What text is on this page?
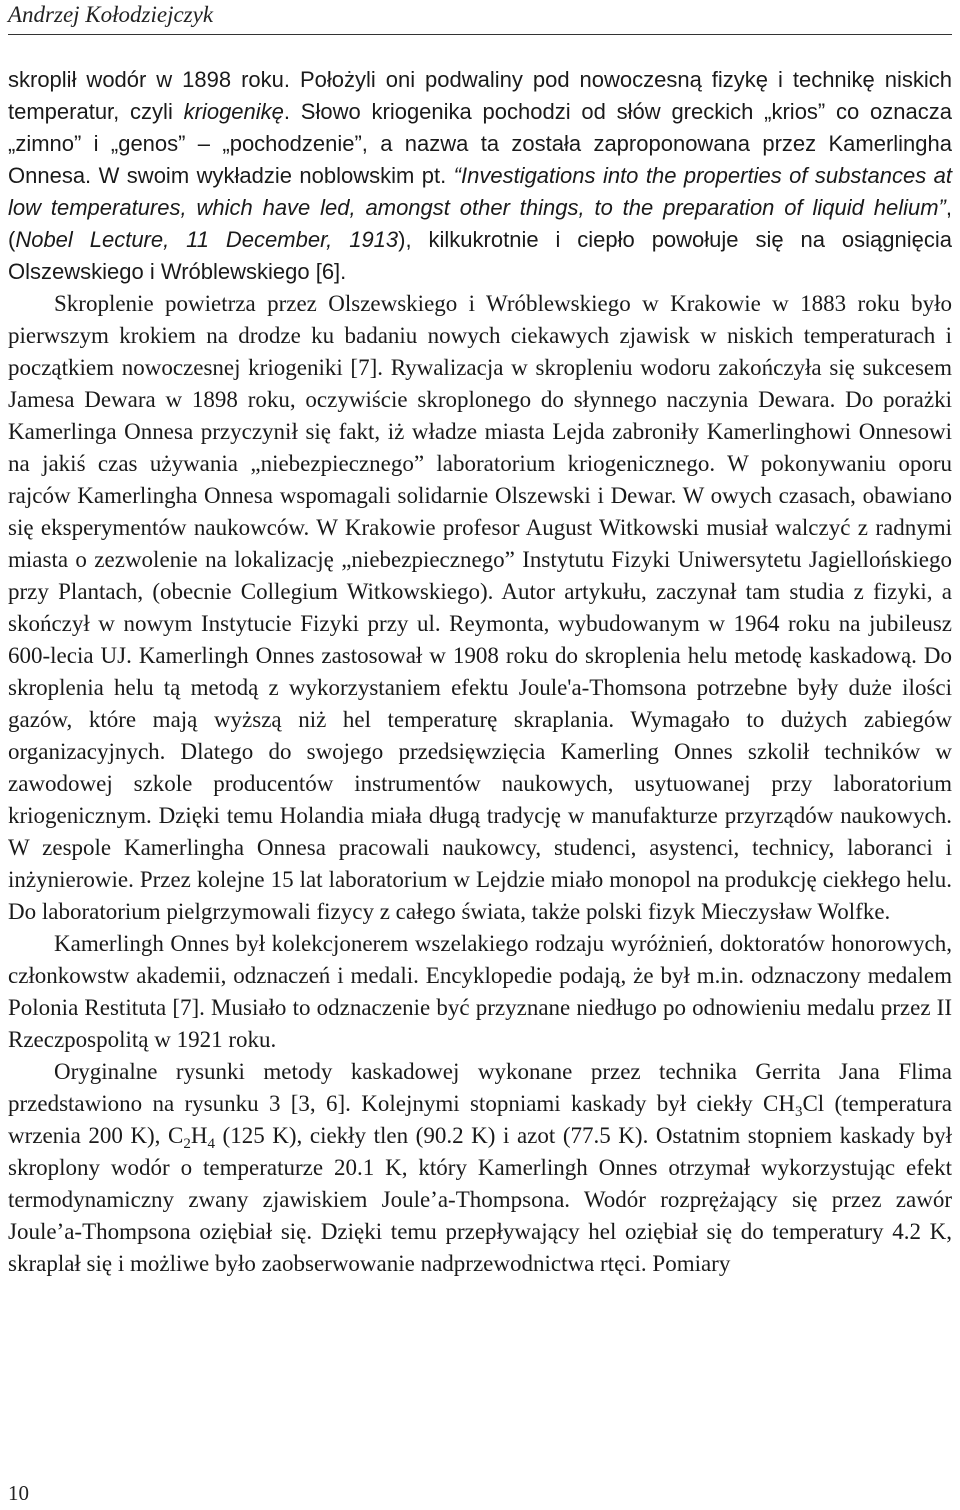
Andrzej Kołodziejczyk

skroplił wodór w 1898 roku. Położyli oni podwaliny pod nowoczesną fizykę i technikę niskich temperatur, czyli kriogenikę. Słowo kriogenika pochodzi od słów greckich „krios” co oznacza „zimno” i „genos” – „pochodzenie”, a nazwa ta została zaproponowana przez Kamerlingha Onnesa. W swoim wykładzie noblowskim pt. “Investigations into the properties of substances at low temperatures, which have led, amongst other things, to the preparation of liquid helium”, (Nobel Lecture, 11 December, 1913), kilkukrotnie i ciepło powołuje się na osiągnięcia Olszewskiego i Wróblewskiego [6].

Skroplenie powietrza przez Olszewskiego i Wróblewskiego w Krakowie w 1883 roku było pierwszym krokiem na drodze ku badaniu nowych ciekawych zjawisk w niskich temperaturach i początkiem nowoczesnej kriogeniki [7]. Rywalizacja w skropleniu wodoru zakończyła się sukcesem Jamesa Dewara w 1898 roku, oczywiście skroplonego do słynnego naczynia Dewara. Do porażki Kamerlinga Onnesa przyczynił się fakt, iż władze miasta Lejda zabroniły Kamerlinghowi Onnesowi na jakiś czas używania „niebezpiecznego” laboratorium kriogenicznego. W pokonywaniu oporu rajców Kamerlingha Onnesa wspomagali solidarnie Olszewski i Dewar. W owych czasach, obawiano się eksperymentów naukowców. W Krakowie profesor August Witkowski musiał walczyć z radnymi miasta o zezwolenie na lokalizację „niebezpiecznego” Instytutu Fizyki Uniwersytetu Jagiellońskiego przy Plantach, (obecnie Collegium Witkowskiego). Autor artykułu, zaczynał tam studia z fizyki, a skończył w nowym Instytucie Fizyki przy ul. Reymonta, wybudowanym w 1964 roku na jubileusz 600-lecia UJ. Kamerlingh Onnes zastosował w 1908 roku do skroplenia helu metodę kaskadową. Do skroplenia helu tą metodą z wykorzystaniem efektu Joule'a-Thomsona potrzebne były duże ilości gazów, które mają wyższą niż hel temperaturę skraplania. Wymagało to dużych zabiegów organizacyjnych. Dlatego do swojego przedsięwzięcia Kamerling Onnes szkolił techników w zawodowej szkole producentów instrumentów naukowych, usytuowanej przy laboratorium kriogenicznym. Dzięki temu Holandia miała długą tradycję w manufakturze przyrządów naukowych. W zespole Kamerlingha Onnesa pracowali naukowcy, studenci, asystenci, technicy, laboranci i inżynierowie. Przez kolejne 15 lat laboratorium w Lejdzie miało monopol na produkcję ciekłego helu. Do laboratorium pielgrzymowali fizycy z całego świata, także polski fizyk Mieczysław Wolfke.

Kamerlingh Onnes był kolekcjonerem wszelakiego rodzaju wyróżnień, doktoratów honorowych, członkowstw akademii, odznaczeń i medali. Encyklopedie podają, że był m.in. odznaczony medalem Polonia Restituta [7]. Musiało to odznaczenie być przyznane niedługo po odnowieniu medalu przez II Rzeczpospolitą w 1921 roku.

Oryginalne rysunki metody kaskadowej wykonane przez technika Gerrita Jana Flima przedstawiono na rysunku 3 [3, 6]. Kolejnymi stopniami kaskady był ciekły $CH_3Cl$ (temperatura wrzenia 200 K), $C_2H_4$ (125 K), ciekły tlen (90.2 K) i azot (77.5 K). Ostatnim stopniem kaskady był skroplony wodór o temperaturze 20.1 K, który Kamerlingh Onnes otrzymał wykorzystując efekt termodynamiczny zwany zjawiskiem Joule’a-Thompsona. Wodór rozprężający się przez zawór Joule’a-Thompsona oziębiał się. Dzięki temu przepływający hel oziębiał się do temperatury 4.2 K, skraplał się i możliwe było zaobserwowanie nadprzewodnictwa rtęci. Pomiary

10
